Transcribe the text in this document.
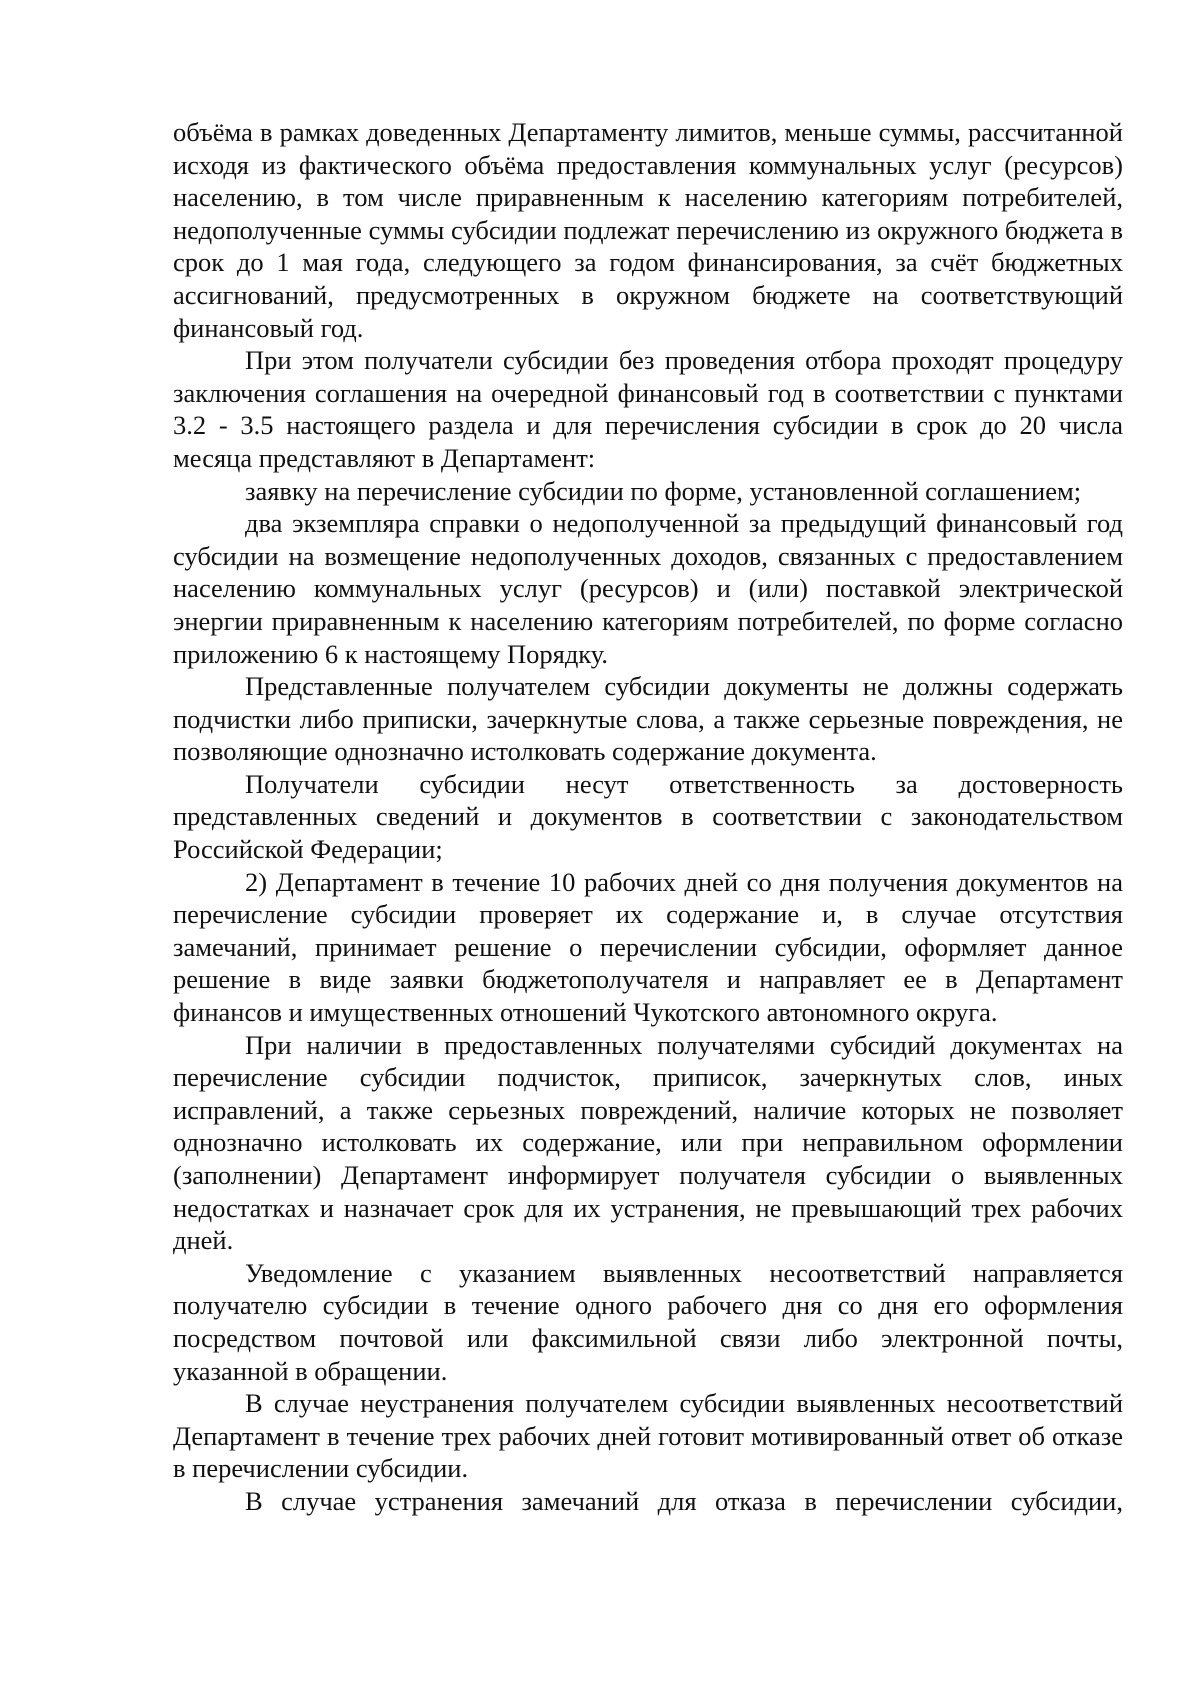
объёма в рамках доведенных Департаменту лимитов, меньше суммы, рассчитанной исходя из фактического объёма предоставления коммунальных услуг (ресурсов) населению, в том числе приравненным к населению категориям потребителей, недополученные суммы субсидии подлежат перечислению из окружного бюджета в срок до 1 мая года, следующего за годом финансирования, за счёт бюджетных ассигнований, предусмотренных в окружном бюджете на соответствующий финансовый год.

При этом получатели субсидии без проведения отбора проходят процедуру заключения соглашения на очередной финансовый год в соответствии с пунктами 3.2 - 3.5 настоящего раздела и для перечисления субсидии в срок до 20 числа месяца представляют в Департамент:

заявку на перечисление субсидии по форме, установленной соглашением;

два экземпляра справки о недополученной за предыдущий финансовый год субсидии на возмещение недополученных доходов, связанных с предоставлением населению коммунальных услуг (ресурсов) и (или) поставкой электрической энергии приравненным к населению категориям потребителей, по форме согласно приложению 6 к настоящему Порядку.

Представленные получателем субсидии документы не должны содержать подчистки либо приписки, зачеркнутые слова, а также серьезные повреждения, не позволяющие однозначно истолковать содержание документа.

Получатели субсидии несут ответственность за достоверность представленных сведений и документов в соответствии с законодательством Российской Федерации;

2) Департамент в течение 10 рабочих дней со дня получения документов на перечисление субсидии проверяет их содержание и, в случае отсутствия замечаний, принимает решение о перечислении субсидии, оформляет данное решение в виде заявки бюджетополучателя и направляет ее в Департамент финансов и имущественных отношений Чукотского автономного округа.

При наличии в предоставленных получателями субсидий документах на перечисление субсидии подчисток, приписок, зачеркнутых слов, иных исправлений, а также серьезных повреждений, наличие которых не позволяет однозначно истолковать их содержание, или при неправильном оформлении (заполнении) Департамент информирует получателя субсидии о выявленных недостатках и назначает срок для их устранения, не превышающий трех рабочих дней.

Уведомление с указанием выявленных несоответствий направляется получателю субсидии в течение одного рабочего дня со дня его оформления посредством почтовой или факсимильной связи либо электронной почты, указанной в обращении.

В случае неустранения получателем субсидии выявленных несоответствий Департамент в течение трех рабочих дней готовит мотивированный ответ об отказе в перечислении субсидии.

В случае устранения замечаний для отказа в перечислении субсидии,
